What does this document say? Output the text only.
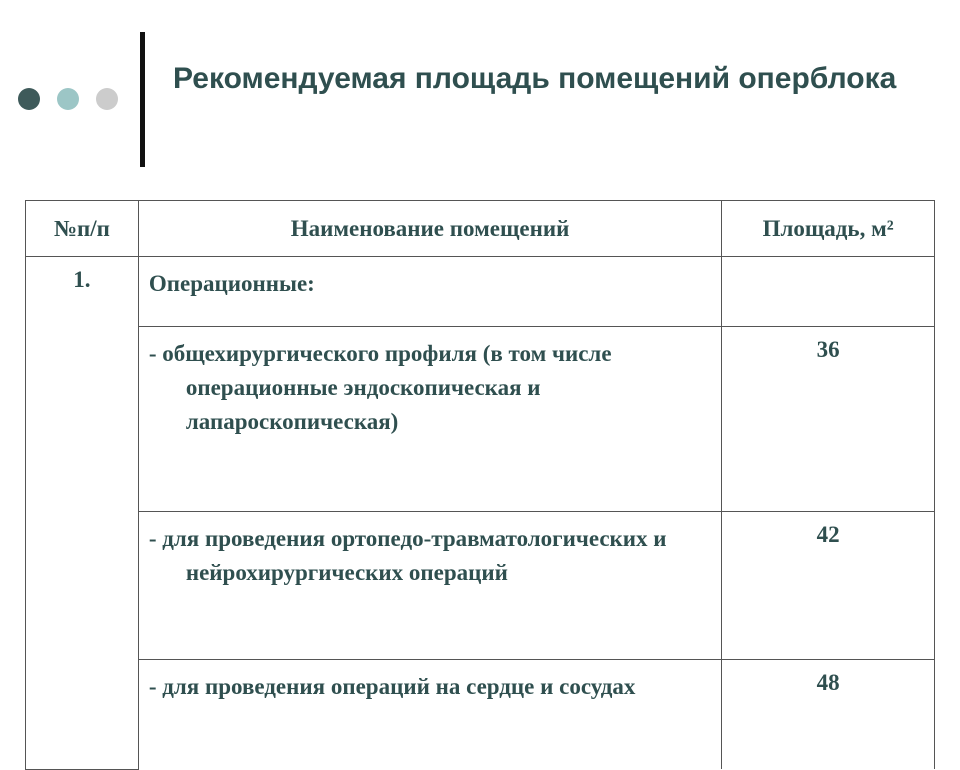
Рекомендуемая площадь помещений оперблока
№п/п	Наименование помещений	Площадь, м²
1.	Операционные:	

	- общехирургического профиля (в том числе операционные эндоскопическая и лапароскопическая)	36

	- для проведения ортопедо-травматологических и нейрохирургических операций	42

	- для проведения операций на сердце и сосудах	48
